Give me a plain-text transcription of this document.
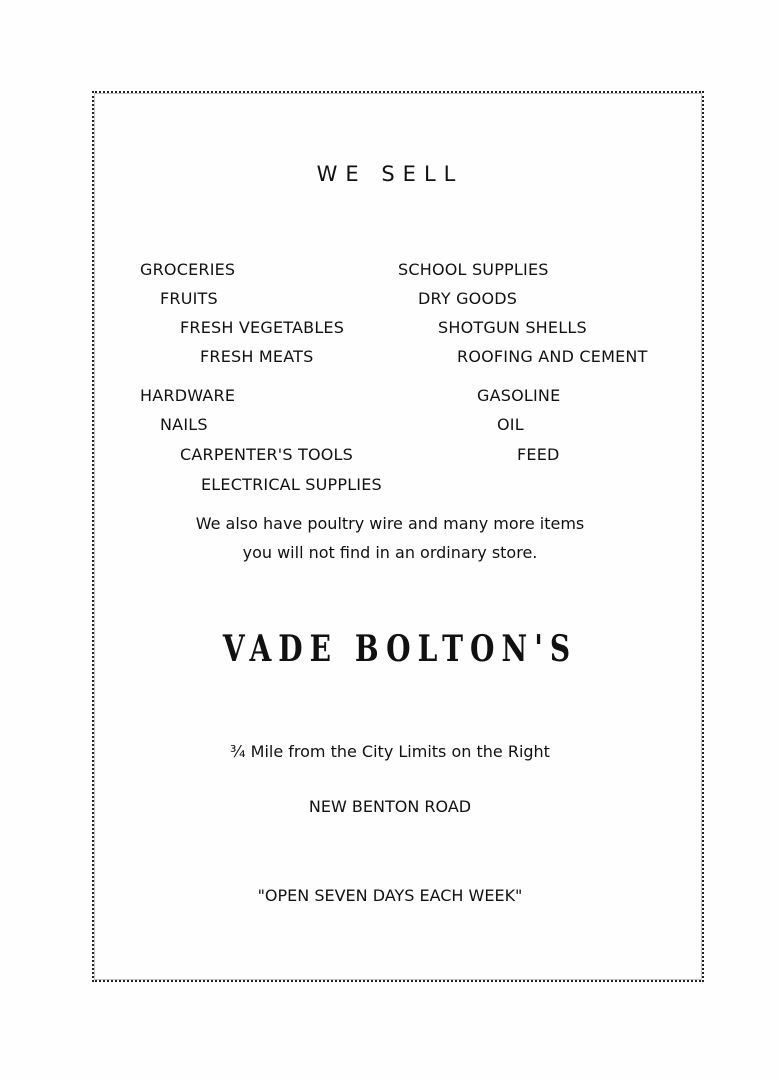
WE SELL
GROCERIES
FRUITS
FRESH VEGETABLES
FRESH MEATS
HARDWARE
NAILS
CARPENTER'S TOOLS
ELECTRICAL SUPPLIES
SCHOOL SUPPLIES
DRY GOODS
SHOTGUN SHELLS
ROOFING AND CEMENT
GASOLINE
OIL
FEED
We also have poultry wire and many more items
you will not find in an ordinary store.
VADE BOLTON'S
¾ Mile from the City Limits on the Right
NEW BENTON ROAD
"OPEN SEVEN DAYS EACH WEEK"
